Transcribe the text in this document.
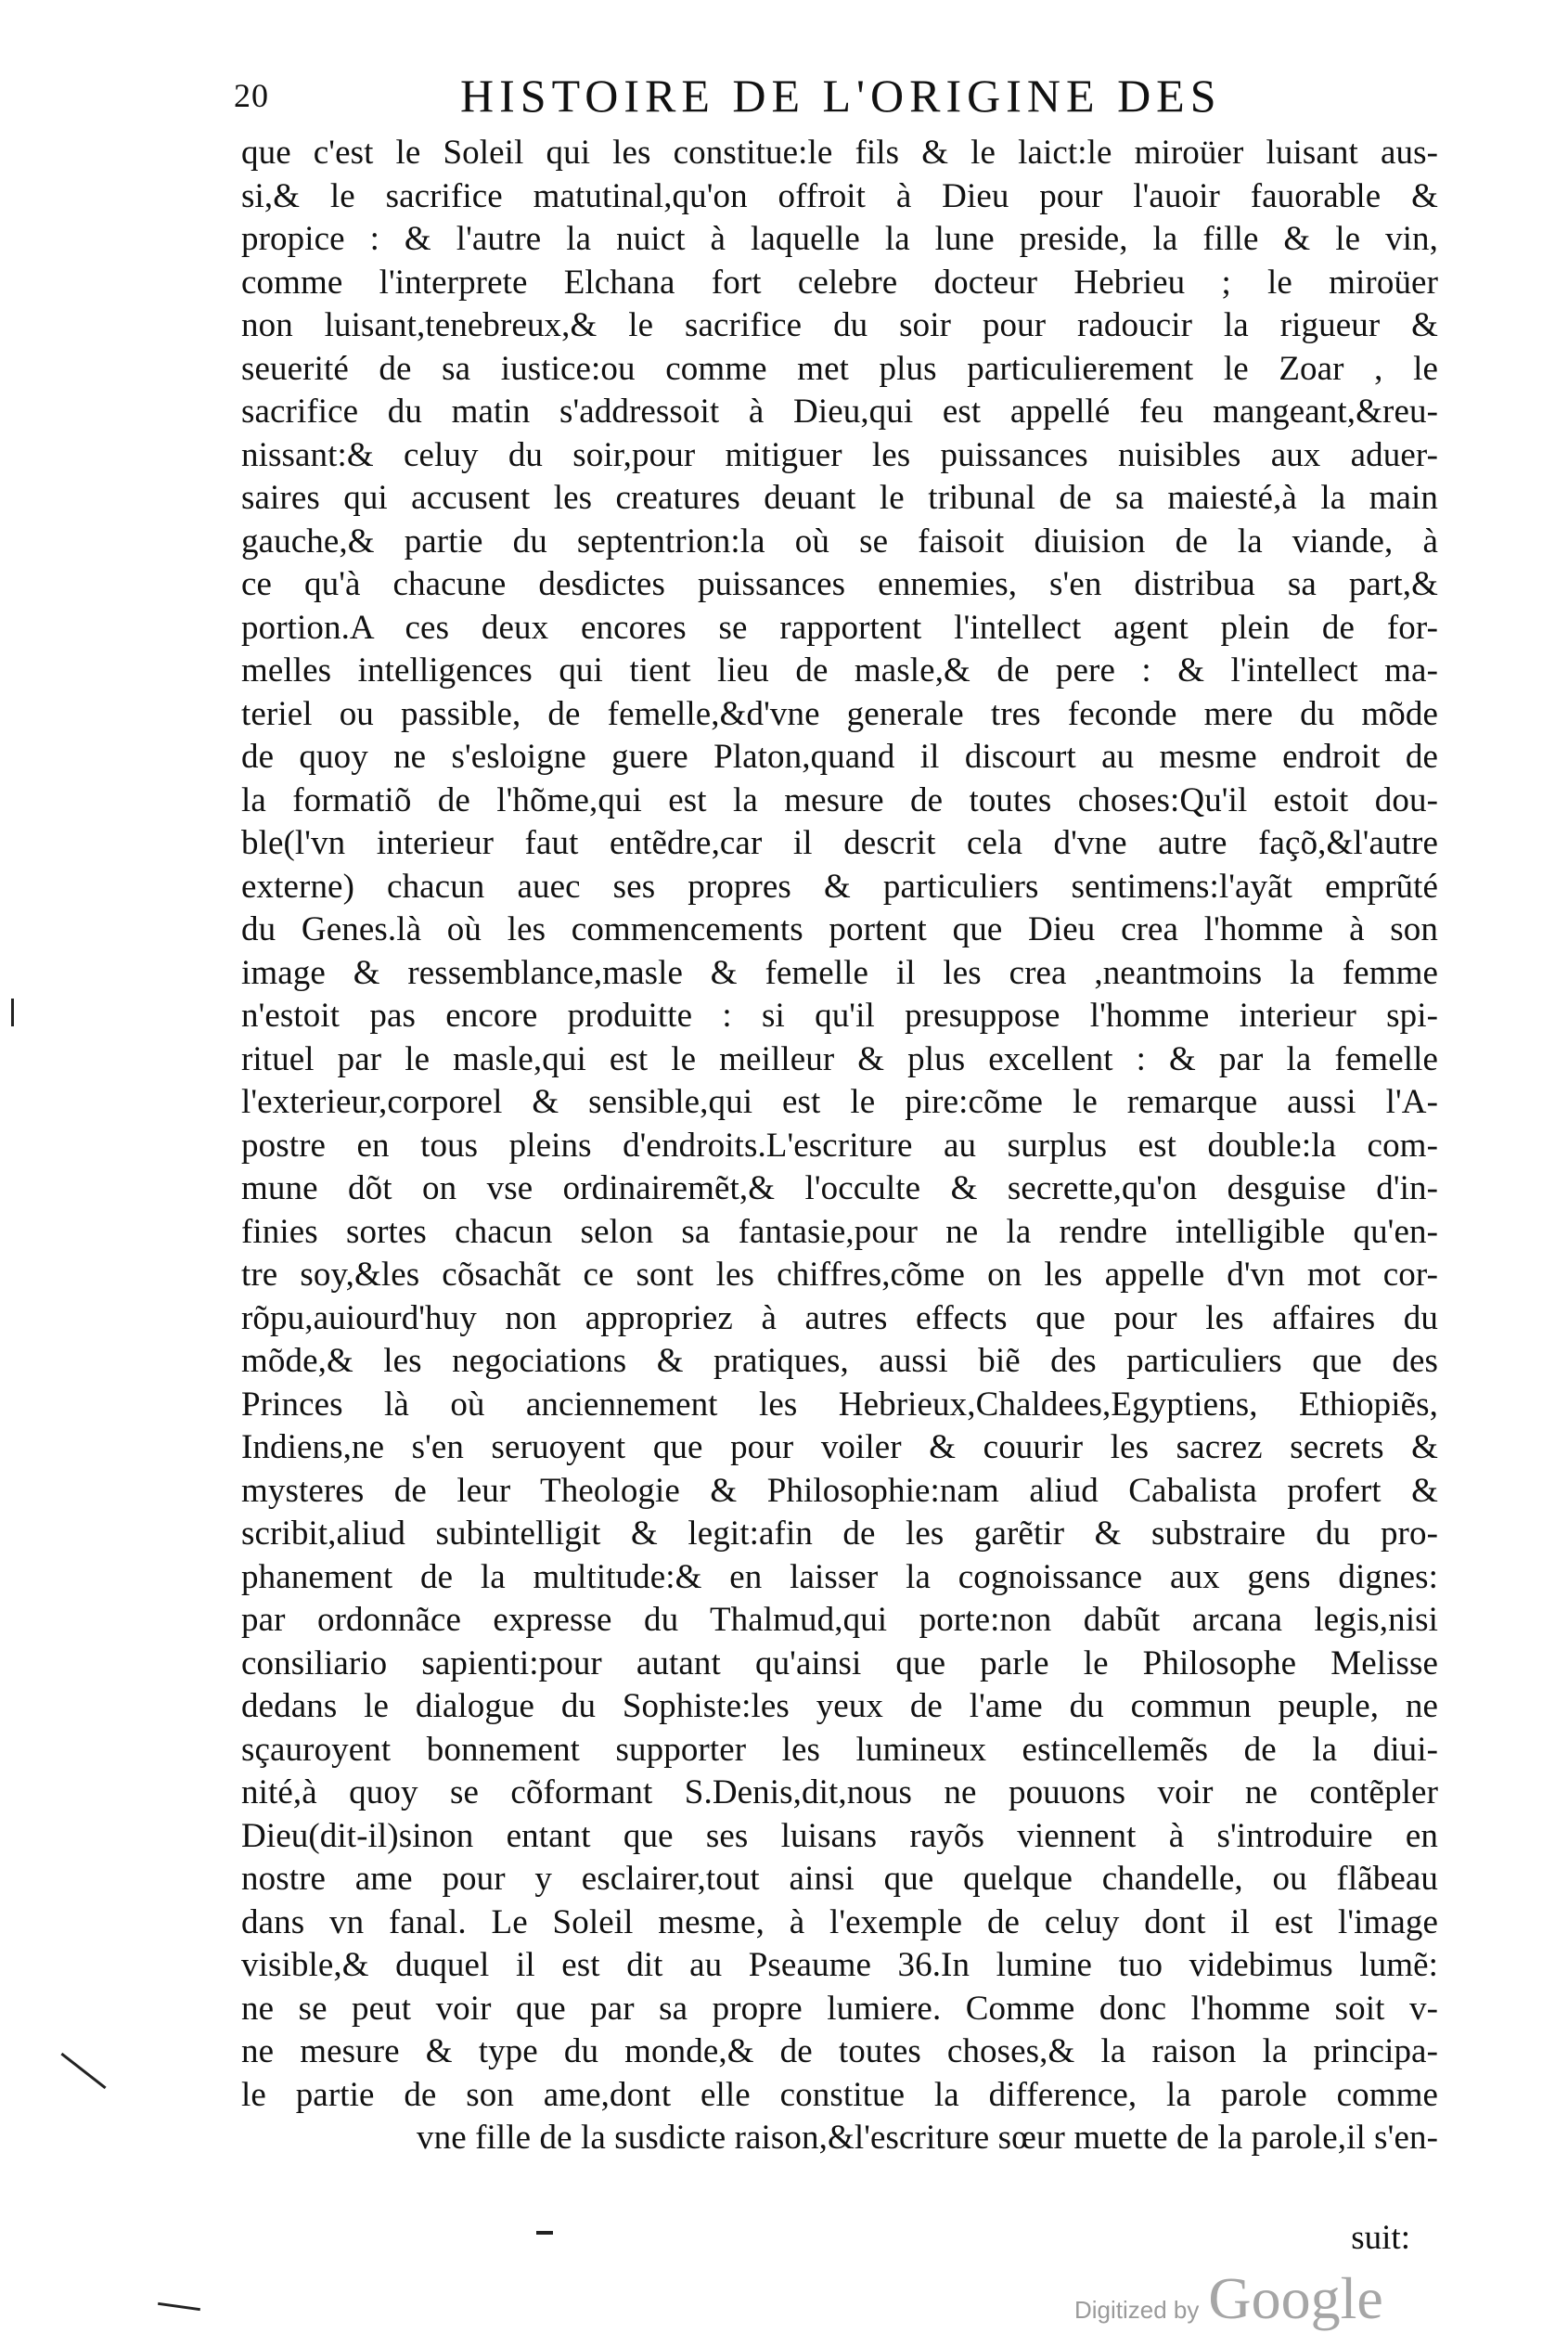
20	HISTOIRE DE L'ORIGINE DES
que c'est le Soleil qui les constitue:le fils & le laict:le miroüer luisant aus-
si,& le sacrifice matutinal,qu'on offroit à Dieu pour l'auoir fauorable &
propice : & l'autre la nuict à laquelle la lune preside, la fille & le vin,
comme l'interprete Elchana fort celebre docteur Hebrieu ; le miroüer
non luisant,tenebreux,& le sacrifice du soir pour radoucir la rigueur &
seuerité de sa iustice:ou comme met plus particulierement le Zoar , le
sacrifice du matin s'addressoit à Dieu,qui est appellé feu mangeant,&reu-
nissant:& celuy du soir,pour mitiguer les puissances nuisibles aux aduer-
saires qui accusent les creatures deuant le tribunal de sa maiesté,à la main
gauche,& partie du septentrion:la où se faisoit diuision de la viande, à
ce qu'à chacune desdictes puissances ennemies, s'en distribua sa part,&
portion.A ces deux encores se rapportent l'intellect agent plein de for-
melles intelligences qui tient lieu de masle,& de pere : & l'intellect ma-
teriel ou passible, de femelle,&d'vne generale tres feconde mere du mõde
de quoy ne s'esloigne guere Platon,quand il discourt au mesme endroit de
la formatiõ de l'hõme,qui est la mesure de toutes choses:Qu'il estoit dou-
ble(l'vn interieur faut entẽdre,car il descrit cela d'vne autre façõ,&l'autre
externe) chacun auec ses propres & particuliers sentimens:l'ayãt emprũté
du Genes.là où les commencements portent que Dieu crea l'homme à son
image & ressemblance,masle & femelle il les crea ,neantmoins la femme
n'estoit pas encore produitte : si qu'il presuppose l'homme interieur spi-
rituel par le masle,qui est le meilleur & plus excellent : & par la femelle
l'exterieur,corporel & sensible,qui est le pire:cõme le remarque aussi l'A-
postre en tous pleins d'endroits.L'escriture au surplus est double:la com-
mune dõt on vse ordinairemẽt,& l'occulte & secrette,qu'on desguise d'in-
finies sortes chacun selon sa fantasie,pour ne la rendre intelligible qu'en-
tre soy,&les cõsachãt ce sont les chiffres,cõme on les appelle d'vn mot cor-
rõpu,auiourd'huy non appropriez à autres effects que pour les affaires du
mõde,& les negociations & pratiques, aussi biẽ des particuliers que des
Princes là où anciennement les Hebrieux,Chaldees,Egyptiens, Ethiopiẽs,
Indiens,ne s'en seruoyent que pour voiler & couurir les sacrez secrets &
mysteres de leur Theologie & Philosophie:nam aliud Cabalista profert &
scribit,aliud subintelligit & legit:afin de les garẽtir & substraire du pro-
phanement de la multitude:& en laisser la cognoissance aux gens dignes:
par ordonnãce expresse du Thalmud,qui porte:non dabũt arcana legis,nisi
consiliario sapienti:pour autant qu'ainsi que parle le Philosophe Melisse
dedans le dialogue du Sophiste:les yeux de l'ame du commun peuple, ne
sçauroyent bonnement supporter les lumineux estincellemẽs de la diui-
nité,à quoy se cõformant S.Denis,dit,nous ne pouuons voir ne contẽpler
Dieu(dit-il)sinon entant que ses luisans rayõs viennent à s'introduire en
nostre ame pour y esclairer,tout ainsi que quelque chandelle, ou flãbeau
dans vn fanal. Le Soleil mesme, à l'exemple de celuy dont il est l'image
visible,& duquel il est dit au Pseaume 36.In lumine tuo videbimus lumẽ:
ne se peut voir que par sa propre lumiere. Comme donc l'homme soit v-
ne mesure & type du monde,& de toutes choses,& la raison la principa-
le partie de son ame,dont elle constitue la difference, la parole comme
vne fille de la susdicte raison,&l'escriture sœur muette de la parole,il s'en-
suit:
Digitized by Google
